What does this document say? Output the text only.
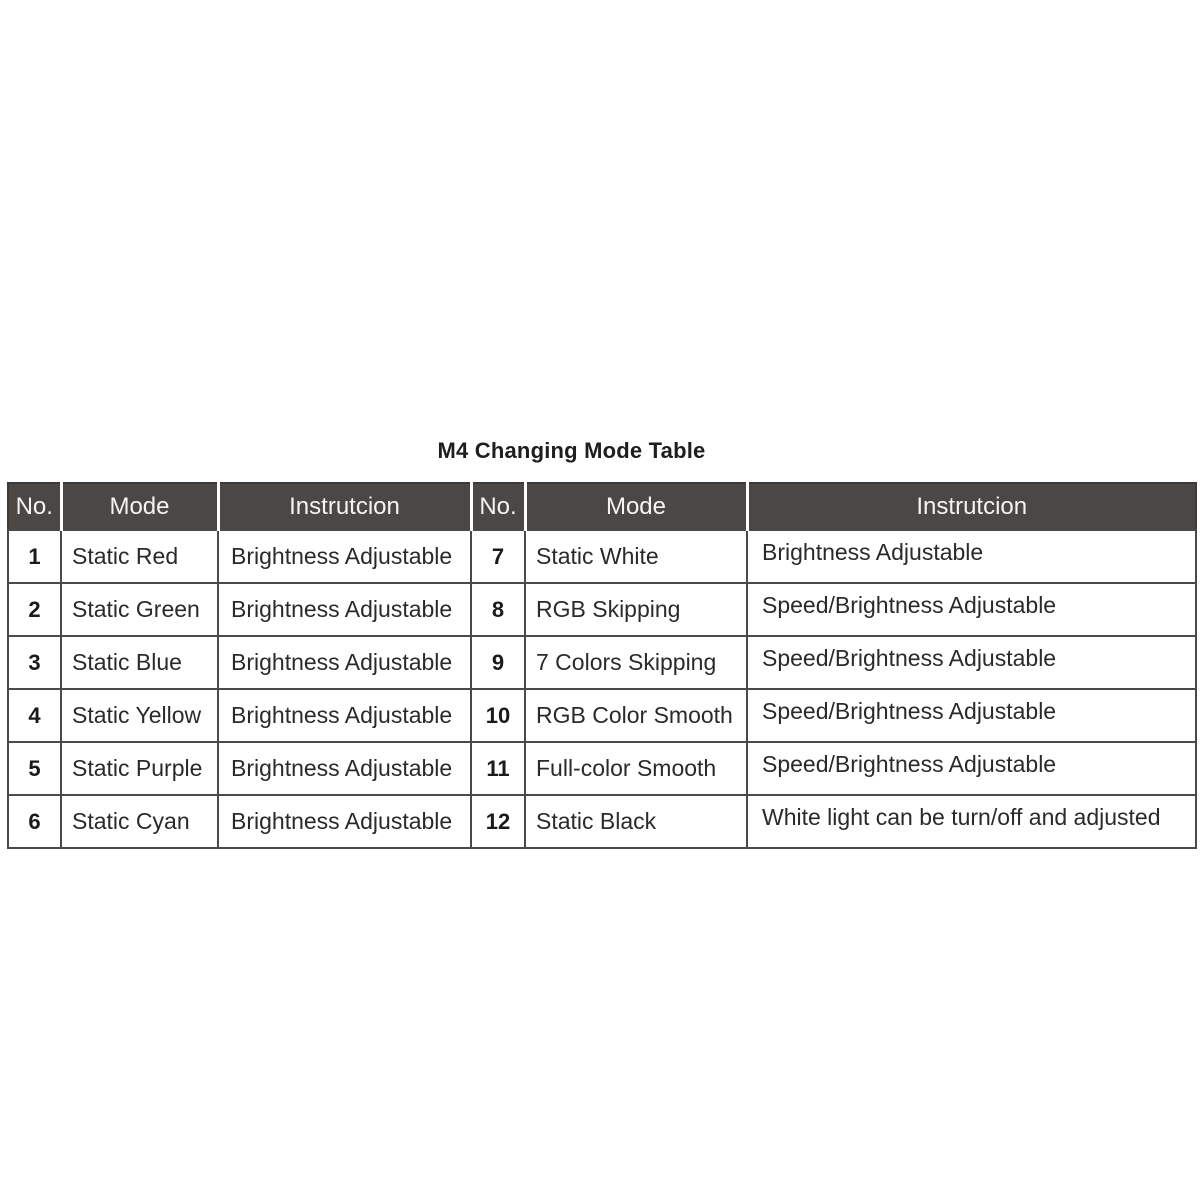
M4 Changing Mode Table
No.	Mode	Instrutcion	No.	Mode	Instrutcion
1	Static Red	Brightness Adjustable	7	Static White	Brightness Adjustable
2	Static Green	Brightness Adjustable	8	RGB Skipping	Speed/Brightness Adjustable
3	Static Blue	Brightness Adjustable	9	7 Colors Skipping	Speed/Brightness Adjustable
4	Static Yellow	Brightness Adjustable	10	RGB Color Smooth	Speed/Brightness Adjustable
5	Static Purple	Brightness Adjustable	11	Full-color Smooth	Speed/Brightness Adjustable
6	Static Cyan	Brightness Adjustable	12	Static Black	White light can be turn/off and adjusted
